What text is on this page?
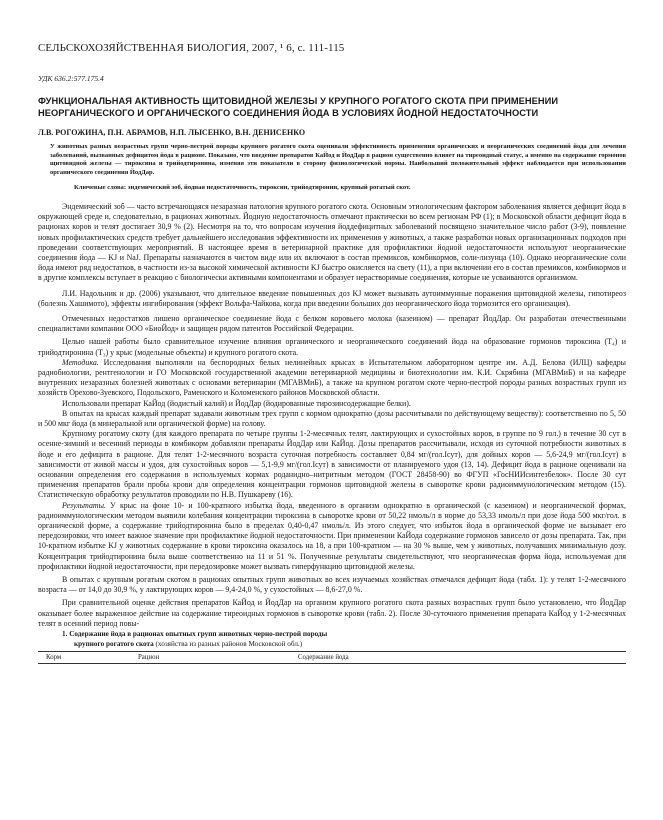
СЕЛЬСКОХОЗЯЙСТВЕННАЯ БИОЛОГИЯ, 2007, ¹ 6, с. 111-115
УДК 636.2:577.175.4
ФУНКЦИОНАЛЬНАЯ АКТИВНОСТЬ ЩИТОВИДНОЙ ЖЕЛЕЗЫ У КРУПНОГО РОГАТОГО СКОТА ПРИ ПРИМЕНЕНИИ НЕОРГАНИЧЕСКОГО И ОРГАНИЧЕСКОГО СОЕДИНЕНИЯ ЙОДА В УСЛОВИЯХ ЙОДНОЙ НЕДОСТАТОЧНОСТИ
Л.В. РОГОЖИНА, П.Н. АБРАМОВ, Н.П. ЛЫСЕНКО, В.Н. ДЕНИСЕНКО
У животных разных возрастных групп черно-пестрой породы крупного рогатого скота оценивали эффективность применения органических и неорганических соединений йода для лечения заболеваний, вызванных дефицитом йода в рационе. Показано, что введение препаратов КаЙод и ЙодДар в рацион существенно влияет на тиреоидный статус, а именно на содержание гормонов щитовидной железы — тироксина и трийодтиронина, изменяя эти показатели в сторону физиологической нормы. Наибольший положительный эффект наблюдается при использовании органического соединения ЙодДар.
Ключевые слова: эндемический зоб, йодная недостаточность, тироксин, трийодтиронин, крупный рогатый скот.

Эндемический зоб — часто встречающаяся незаразная патология крупного рогатого скота. Основным этиологическим фактором заболевания является дефицит йода в окружающей среде и, следовательно, в рационах животных. Йодную недостаточность отмечают практически во всем регионам РФ (1); в Московской области дефицит йода в рационах коров и телят достигает 30,9 % (2). Несмотря на то, что вопросам изучения йоддефицитных заболеваний посвящено значительное число работ (3-9), появление новых профилактических средств требует дальнейшего исследования эффективности их применения у животных, а также разработки новых организационных подходов при проведении соответствующих мероприятий. В настоящее время в ветеринарной практике для профилактики йодной недостаточности используют неорганические соединения йода — KJ и NaJ. Препараты назначаются в чистом виде или их включают в состав премиксов, комбикормов, соли-лизунца (10). Однако неорганические соли йода имеют ряд недостатков, в частности из-за высокой химической активности KJ быстро окисляется на свету (11), а при включении его в состав премиксов, комбикормов и в другие комплексы вступает в реакцию с биологически активными компонентами и образует нерастворимые соединения, которые не усваиваются организмом.

Л.И. Надольник и др. (2006) указывают, что длительное введение повышенных доз KJ может вызывать аутоиммунные поражения щитовидной железы, гипотиреоз (болезнь Хашимото), эффекты ингибирования (эффект Вольфа-Чайкова, когда при введении больших доз неорганического йода тормозится его организация).

Отмеченных недостатков лишено органическое соединение йода с белком коровьего молока (казеином) — препарат ЙодДар. Он разработан отечественными специалистами компании ООО «БиоЙод» и защищен рядом патентов Российской Федерации.

Целью нашей работы было сравнительное изучение влияния органического и неорганического соединений йода на образование гормонов тироксина (Т₄) и трийодтиронина (Т₃) у крыс (модельные объекты) и крупного рогатого скота.

Методика. Исследования выполняли на беспородных белых нелинейных крысах в Испытательном лабораторном центре им. А.Д. Белова (ИЛЦ) кафедры радиобиологии, рентгенологии и ГО Московской государственной академии ветеринарной медицины и биотехнологии им. К.И. Скрябина (МГАВМиБ) и на кафедре внутренних незаразных болезней животных с основами ветеринарии (МГАВМиБ), а также на крупном рогатом скоте черно-пестрой породы разных возрастных групп из хозяйств Орехово-Зуевского, Подольского, Раменского и Коломенского районов Московской области.

Использовали препарат КаЙод (йодистый калий) и ЙодДар (йодированные тирозинсодержащие белки).

В опытах на крысах каждый препарат задавали животным трех групп с кормом однократно (дозы рассчитывали по действующему веществу): соответственно по 5, 50 и 500 мкг йода (в минеральной или органической форме) на голову.

Крупному рогатому скоту (для каждого препарата по четыре группы 1-2-месячных телят, лактирующих и сухостойных коров, в группе по 9 гол.) в течение 30 сут в осенне-зимний и весенний периоды в комбикорм добавляли препараты ЙодДар или КаЙод. Дозы препаратов рассчитывали, исходя из суточной потребности животных в йоде и его дефицита в рационе. Для телят 1-2-месячного возраста суточная потребность составляет 0,84 мг/(гол.Ісут), для дойных коров — 5,6-24,9 мг/(гол.Ісут) в зависимости от живой массы и удоя, для сухостойных коров — 5,1-9,9 мг/(гол.Ісут) в зависимости от планируемого удоя (13, 14). Дефицит йода в рационе оценивали на основании определения его содержания в используемых кормах роданидно–нитритным методом (ГОСТ 28458-90) во ФГУП «ГосНИИсинтезбелок». После 30 сут применения препаратов брали пробы крови для определения концентрации гормонов щитовидной железы в сыворотке крови радиоиммунологическим методом (15). Статистическую обработку результатов проводили по Н.В. Пушкареву (16).

Результаты. У крыс на фоне 10- и 100-кратного избытка йода, введенного в организм однократно в органической (с казеином) и неорганической формах, радиоиммунологическим методом выявили колебания концентрации тироксина в сыворотке крови от 50,22 нмоль/л в норме до 53,33 нмоль/л при дозе йода 500 мкг/гол. в органической форме, а содержание трийодтиронина было в пределах 0,40-0,47 нмоль/л. Из этого следует, что избыток йода в органической форме не вызывает его передозировки, что имеет важное значение при профилактике йодной недостаточности. При применении КаЙода содержание гормонов зависело от дозы препарата. Так, при 10-кратном избытке KJ у животных содержание в крови тироксина оказалось на 18, а при 100-кратном — на 30 % выше, чем у животных, получавших минимальную дозу. Концентрация трийодтиронина была выше соответственно на 11 и 51 %. Полученные результаты свидетельствуют, что неорганическая форма йода, используемая для профилактики йодной недостаточности, при передозировке может вызвать гиперфункцию щитовидной железы.

В опытах с крупным рогатым скотом в рационах опытных групп животных во всех изучаемых хозяйствах отмечался дефицит йода (табл. 1): у телят 1-2-месячного возраста — от 14,0 до 30,9 %, у лактирующих коров — 9,4-24,0 %, у сухостойных — 8,6-27,0 %.

При сравнительной оценке действия препаратов КаЙод и ЙодДар на организм крупного рогатого скота разных возрастных групп было установлено, что ЙодДар оказывает более выраженное действие на содержание тиреоидных гормонов в сыворотке крови (табл. 2). После 30-суточного применения препарата КаЙод у 1-2-месячных телят в осенний период повы-

1. Содержание йода в рационах опытных групп животных черно-пестрой породы
крупного рогатого скота (хозяйства из разных районов Московской обл.)
Корм	Рацион	Содержание йода
